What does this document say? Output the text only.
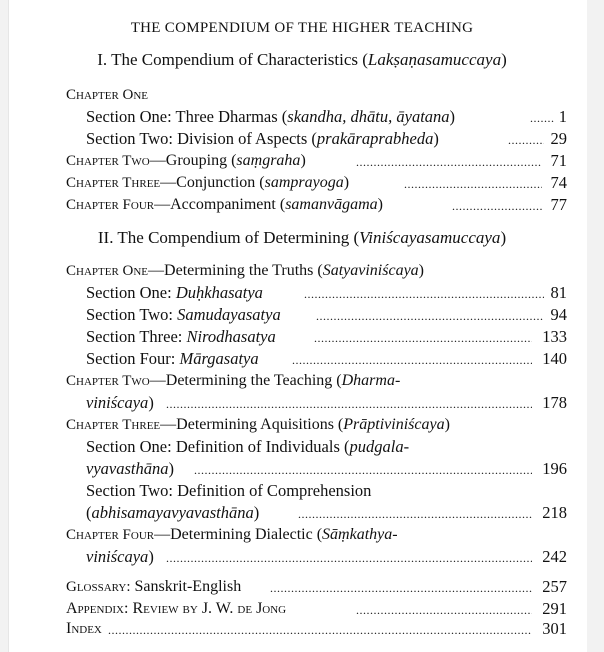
THE COMPENDIUM OF THE HIGHER TEACHING
I. The Compendium of Characteristics (Lakṣaṇasamuccaya)
Chapter One
Section One: Three Dharmas (skandha, dhātu, āyatana) .....	1
Section Two: Division of Aspects (prakāraprabheda) .....	29
Chapter Two—Grouping (saṃgraha) .....	71
Chapter Three—Conjunction (samprayoga) .....	74
Chapter Four—Accompaniment (samanvāgama) .....	77
II. The Compendium of Determining (Viniścayasamuccaya)
Chapter One—Determining the Truths (Satyaviniścaya)
Section One: Duḥkhasatya .....	81
Section Two: Samudayasatya .....	94
Section Three: Nirodhasatya .....	133
Section Four: Mārgasatya .....	140
Chapter Two—Determining the Teaching (Dharma-
viniścaya) .....	178
Chapter Three—Determining Aquisitions (Prāptiviniścaya)
Section One: Definition of Individuals (pudgala-
vyavasthāna) .....	196
Section Two: Definition of Comprehension
(abhisamayavyavasthāna) .....	218
Chapter Four—Determining Dialectic (Sāṃkathya-
viniścaya) .....	242
Glossary: Sanskrit-English .....	257
Appendix: Review by J. W. de Jong .....	291
Index .....	301
